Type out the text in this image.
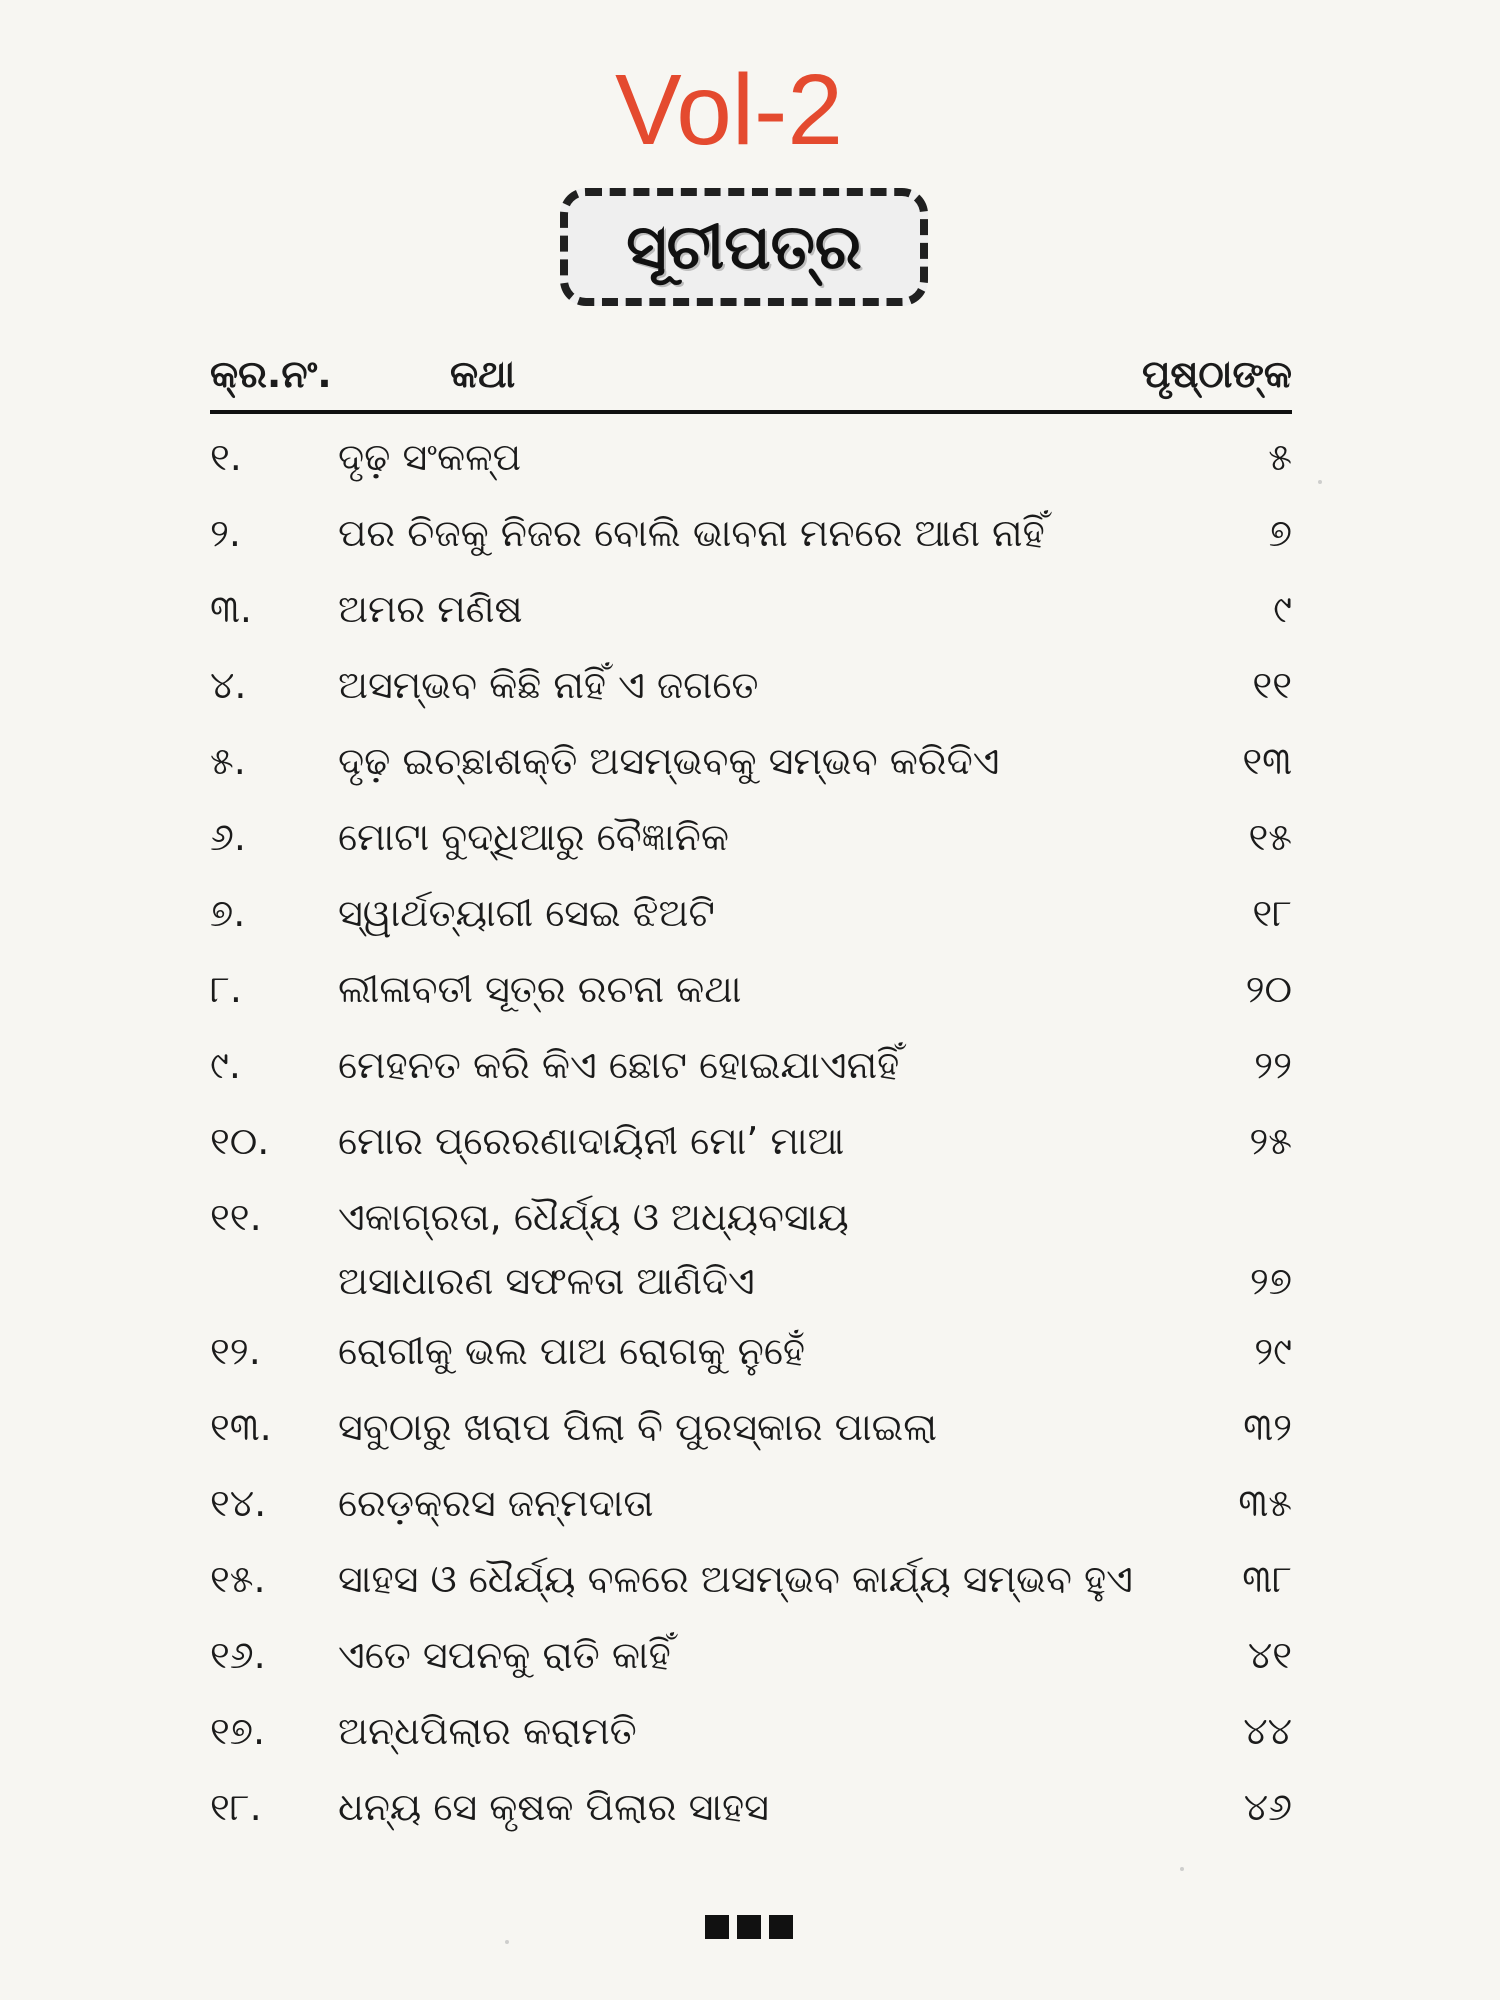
Vol-2
ସୂଚୀପତ୍ର
କ୍ର.ନଂ.	କଥା	ପୃଷ୍ଠାଙ୍କ
୧.	ଦୃଢ଼ ସଂକଳ୍ପ	୫
୨.	ପର ଚିଜକୁ ନିଜର ବୋଲି ଭାବନା ମନରେ ଆଣ ନାହିଁ	୭
୩.	ଅମର ମଣିଷ	୯
୪.	ଅସମ୍ଭବ କିଛି ନାହିଁ ଏ ଜଗତେ	୧୧
୫.	ଦୃଢ଼ ଇଚ୍ଛାଶକ୍ତି ଅସମ୍ଭବକୁ ସମ୍ଭବ କରିଦିଏ	୧୩
୬.	ମୋଟା ବୁଦ୍ଧିଆରୁ ବୈଜ୍ଞାନିକ	୧୫
୭.	ସ୍ୱାର୍ଥତ୍ୟାଗୀ ସେଇ ଝିଅଟି	୧୮
୮.	ଲୀଳାବତୀ ସୂତ୍ର ରଚନା କଥା	୨୦
୯.	ମେହନତ କରି କିଏ ଛୋଟ ହୋଇଯାଏନାହିଁ	୨୨
୧୦.	ମୋର ପ୍ରେରଣାଦାୟିନୀ ମୋ’ ମାଆ	୨୫
୧୧.	ଏକାଗ୍ରତା, ଧୈର୍ଯ୍ୟ ଓ ଅଧ୍ୟବସାୟ
ଅସାଧାରଣ ସଫଳତା ଆଣିଦିଏ	୨୭
୧୨.	ରୋଗୀକୁ ଭଲ ପାଅ ରୋଗକୁ ନୁହେଁ	୨୯
୧୩.	ସବୁଠାରୁ ଖରାପ ପିଲା ବି ପୁରସ୍କାର ପାଇଲା	୩୨
୧୪.	ରେଡ଼କ୍ରସ ଜନ୍ମଦାତା	୩୫
୧୫.	ସାହସ ଓ ଧୈର୍ଯ୍ୟ ବଳରେ ଅସମ୍ଭବ କାର୍ଯ୍ୟ ସମ୍ଭବ ହୁଏ	୩୮
୧୬.	ଏତେ ସପନକୁ ରାତି କାହିଁ	୪୧
୧୭.	ଅନ୍ଧପିଲାର କରାମତି	୪୪
୧୮.	ଧନ୍ୟ ସେ କୃଷକ ପିଲାର ସାହସ	୪୬
